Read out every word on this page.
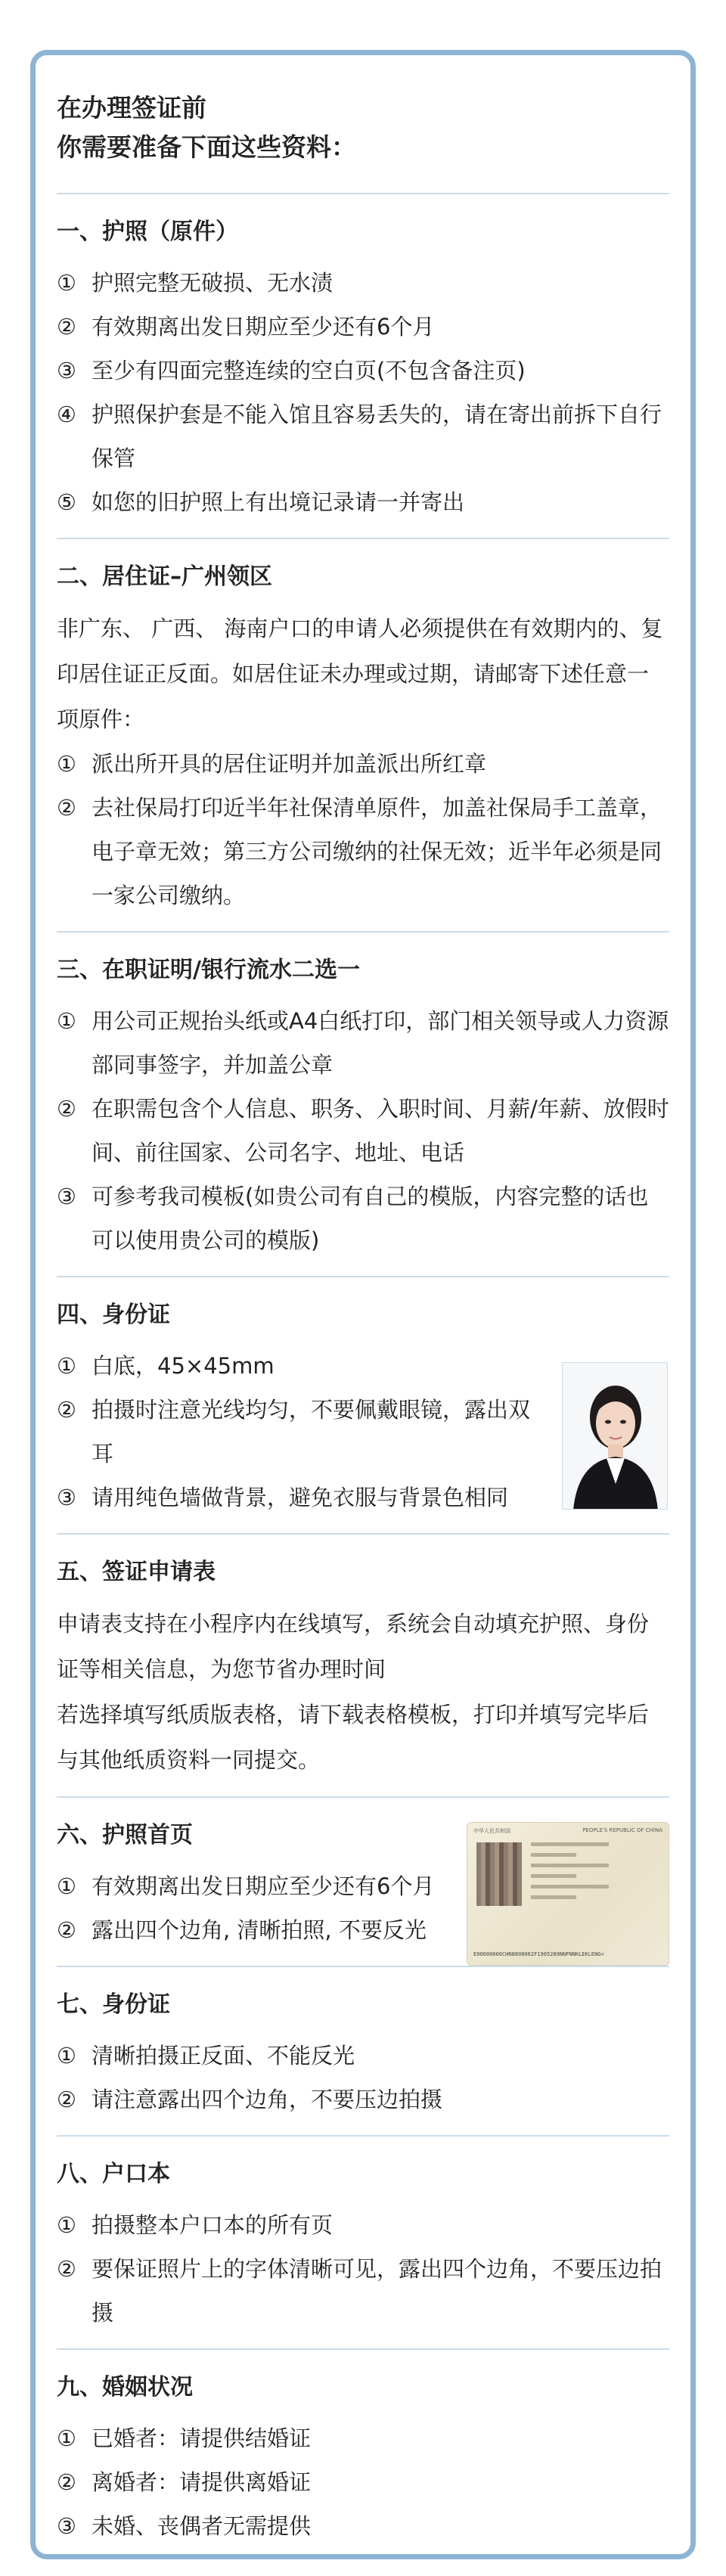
在办理签证前
你需要准备下面这些资料：
一、护照（原件）
① 护照完整无破损、无水渍
② 有效期离出发日期应至少还有6个月
③ 至少有四面完整连续的空白页(不包含备注页)
④ 护照保护套是不能入馆且容易丢失的，请在寄出前拆下自行保管
⑤ 如您的旧护照上有出境记录请一并寄出
二、居住证–广州领区
非广东、 广西、 海南户口的申请人必须提供在有效期内的、复印居住证正反面。如居住证未办理或过期，请邮寄下述任意一项原件：
① 派出所开具的居住证明并加盖派出所红章
② 去社保局打印近半年社保清单原件，加盖社保局手工盖章，电子章无效；第三方公司缴纳的社保无效；近半年必须是同一家公司缴纳。
三、在职证明/银行流水二选一
① 用公司正规抬头纸或A4白纸打印，部门相关领导或人力资源部同事签字，并加盖公章
② 在职需包含个人信息、职务、入职时间、月薪/年薪、放假时间、前往国家、公司名字、地址、电话
③ 可参考我司模板(如贵公司有自己的模版，内容完整的话也可以使用贵公司的模版)
四、身份证
① 白底，45×45mm
② 拍摄时注意光线均匀，不要佩戴眼镜，露出双耳
③ 请用纯色墙做背景，避免衣服与背景色相同
五、签证申请表
申请表支持在小程序内在线填写，系统会自动填充护照、身份证等相关信息，为您节省办理时间
若选择填写纸质版表格，请下载表格模板，打印并填写完毕后与其他纸质资料一同提交。
六、护照首页
① 有效期离出发日期应至少还有6个月
② 露出四个边角, 清晰拍照, 不要反光
中华人民共和国	PEOPLE'S REPUBLIC OF CHINA
E00000000CHN8808062F1905289NNFNNKLEKLENG<
七、身份证
① 清晰拍摄正反面、不能反光
② 请注意露出四个边角，不要压边拍摄
八、户口本
① 拍摄整本户口本的所有页
② 要保证照片上的字体清晰可见，露出四个边角，不要压边拍摄
九、婚姻状况
① 已婚者：请提供结婚证
② 离婚者：请提供离婚证
③ 未婚、丧偶者无需提供
